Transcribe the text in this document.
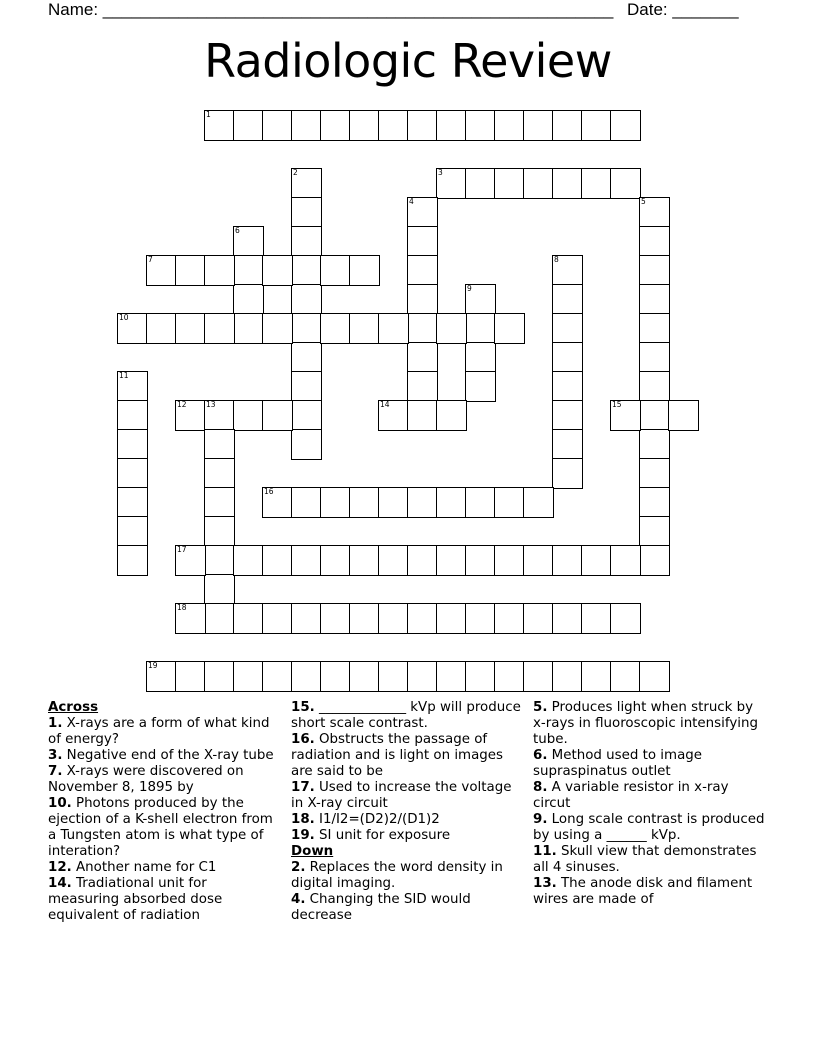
Name: ______________________________________________________ Date: _______
Radiologic Review
1
2	3
4	5
6
7	8
9
10
11
12	13	14	15
16
17
18
19
Across
1. X-rays are a form of what kind of energy?
3. Negative end of the X-ray tube
7. X-rays were discovered on November 8, 1895 by
10. Photons produced by the ejection of a K-shell electron from a Tungsten atom is what type of interation?
12. Another name for C1
14. Tradiational unit for measuring absorbed dose equivalent of radiation
15. _____________ kVp will produce short scale contrast.
16. Obstructs the passage of radiation and is light on images are said to be
17. Used to increase the voltage in X-ray circuit
18. I1/I2=(D2)2/(D1)2
19. SI unit for exposure
Down
2. Replaces the word density in digital imaging.
4. Changing the SID would decrease
5. Produces light when struck by x-rays in fluoroscopic intensifying tube.
6. Method used to image supraspinatus outlet
8. A variable resistor in x-ray circut
9. Long scale contrast is produced by using a ______ kVp.
11. Skull view that demonstrates all 4 sinuses.
13. The anode disk and filament wires are made of
